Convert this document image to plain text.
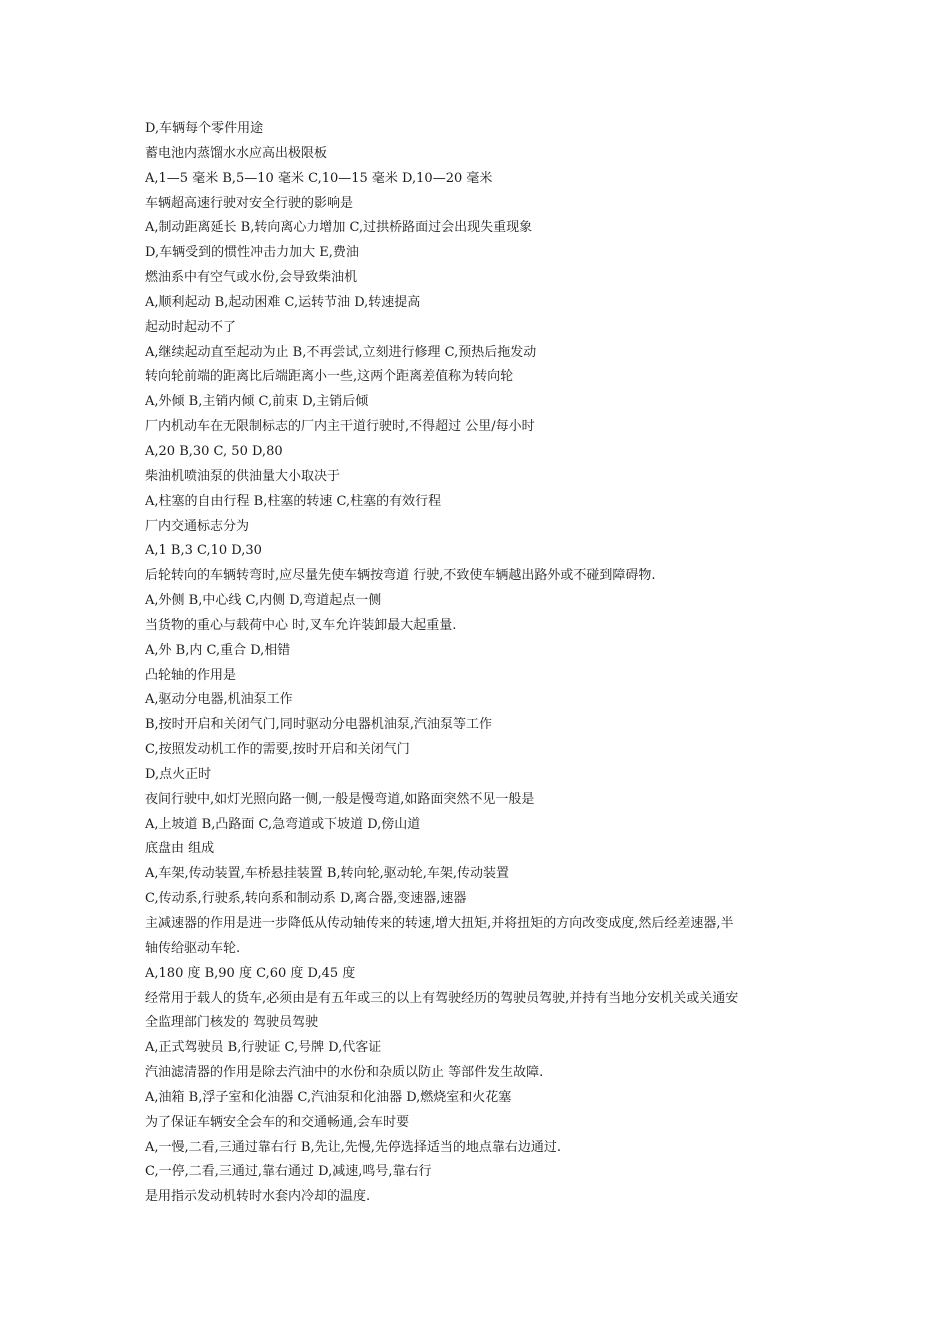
D,车辆每个零件用途
蓄电池内蒸馏水水应高出极限板
A,1—5 毫米 B,5—10 毫米 C,10—15 毫米 D,10—20 毫米
车辆超高速行驶对安全行驶的影响是
A,制动距离延长 B,转向离心力增加 C,过拱桥路面过会出现失重现象
D,车辆受到的惯性冲击力加大 E,费油
燃油系中有空气或水份,会导致柴油机
A,顺利起动 B,起动困难 C,运转节油 D,转速提高
起动时起动不了
A,继续起动直至起动为止 B,不再尝试,立刻进行修理 C,预热后拖发动
转向轮前端的距离比后端距离小一些,这两个距离差值称为转向轮
A,外倾 B,主销内倾 C,前束 D,主销后倾
厂内机动车在无限制标志的厂内主干道行驶时,不得超过 公里/每小时
A,20 B,30 C, 50 D,80
柴油机喷油泵的供油量大小取决于
A,柱塞的自由行程 B,柱塞的转速 C,柱塞的有效行程
厂内交通标志分为
A,1 B,3 C,10 D,30
后轮转向的车辆转弯时,应尽量先使车辆按弯道 行驶,不致使车辆越出路外或不碰到障碍物.
A,外侧 B,中心线 C,内侧 D,弯道起点一侧
当货物的重心与载荷中心 时,叉车允许装卸最大起重量.
A,外 B,内 C,重合 D,相错
凸轮轴的作用是
A,驱动分电器,机油泵工作
B,按时开启和关闭气门,同时驱动分电器机油泵,汽油泵等工作
C,按照发动机工作的需要,按时开启和关闭气门
D,点火正时
夜间行驶中,如灯光照向路一侧,一般是慢弯道,如路面突然不见一般是
A,上坡道 B,凸路面 C,急弯道或下坡道 D,傍山道
底盘由 组成
A,车架,传动装置,车桥悬挂装置 B,转向轮,驱动轮,车架,传动装置
C,传动系,行驶系,转向系和制动系 D,离合器,变速器,速器
主减速器的作用是进一步降低从传动轴传来的转速,增大扭矩,并将扭矩的方向改变成度,然后经差速器,半
轴传给驱动车轮.
A,180 度 B,90 度 C,60 度 D,45 度
经常用于载人的货车,必须由是有五年或三的以上有驾驶经历的驾驶员驾驶,并持有当地分安机关或关通安
全监理部门核发的 驾驶员驾驶
A,正式驾驶员 B,行驶证 C,号牌 D,代客证
汽油滤清器的作用是除去汽油中的水份和杂质以防止 等部件发生故障.
A,油箱 B,浮子室和化油器 C,汽油泵和化油器 D,燃烧室和火花塞
为了保证车辆安全会车的和交通畅通,会车时要
A,一慢,二看,三通过靠右行 B,先让,先慢,先停选择适当的地点靠右边通过.
C,一停,二看,三通过,靠右通过 D,减速,鸣号,靠右行
是用指示发动机转时水套内冷却的温度.
